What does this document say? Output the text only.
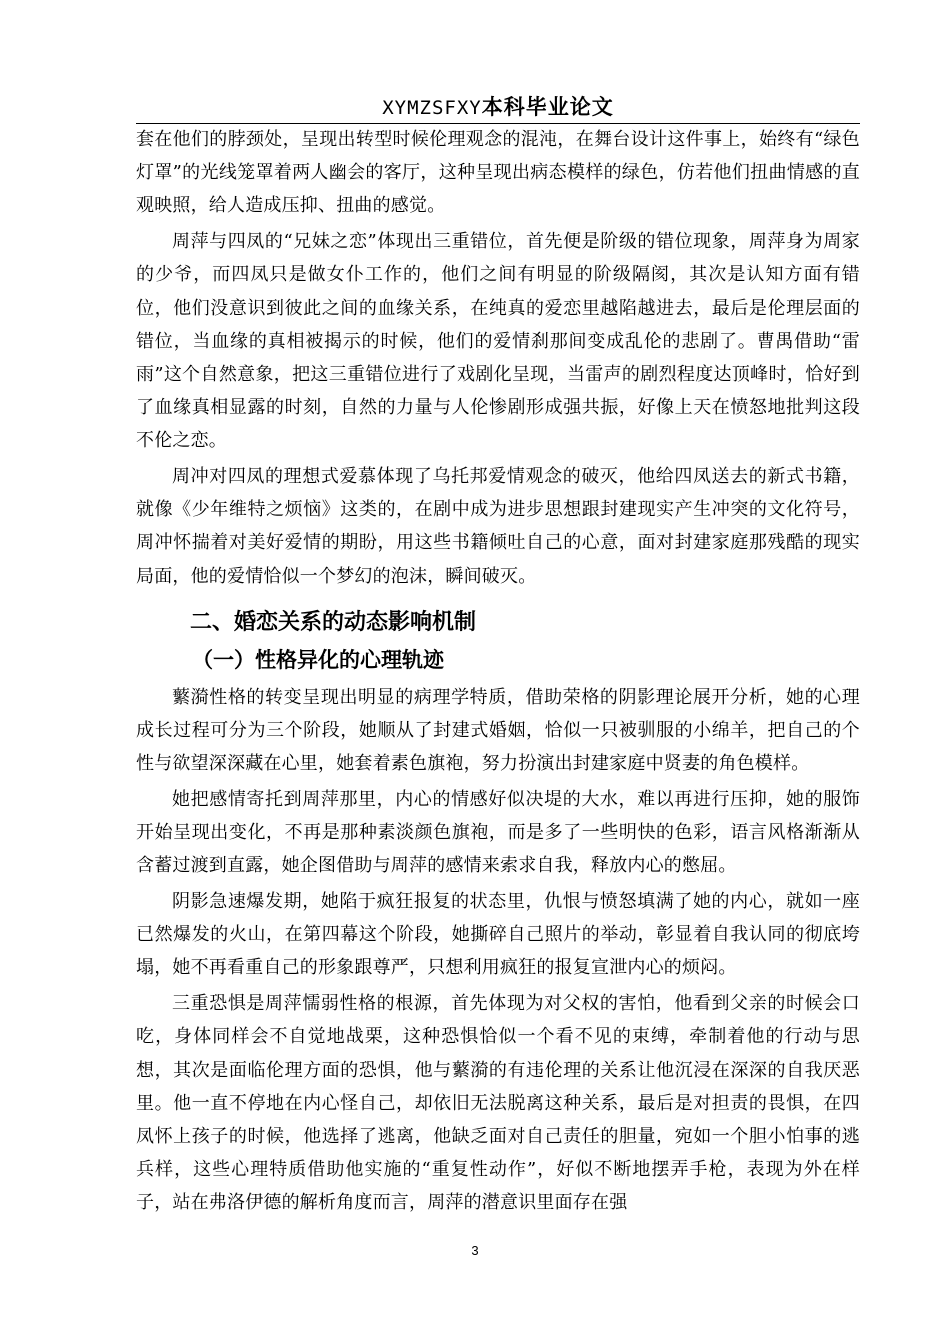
XYMZSFXY本科毕业论文

套在他们的脖颈处，呈现出转型时候伦理观念的混沌，在舞台设计这件事上，始终有“绿色灯罩”的光线笼罩着两人幽会的客厅，这种呈现出病态模样的绿色，仿若他们扭曲情感的直观映照，给人造成压抑、扭曲的感觉。

周萍与四凤的“兄妹之恋”体现出三重错位，首先便是阶级的错位现象，周萍身为周家的少爷，而四凤只是做女仆工作的，他们之间有明显的阶级隔阂，其次是认知方面有错位，他们没意识到彼此之间的血缘关系，在纯真的爱恋里越陷越进去，最后是伦理层面的错位，当血缘的真相被揭示的时候，他们的爱情刹那间变成乱伦的悲剧了。曹禺借助“雷雨”这个自然意象，把这三重错位进行了戏剧化呈现，当雷声的剧烈程度达顶峰时，恰好到了血缘真相显露的时刻，自然的力量与人伦惨剧形成强共振，好像上天在愤怒地批判这段不伦之恋。

周冲对四凤的理想式爱慕体现了乌托邦爱情观念的破灭，他给四凤送去的新式书籍，就像《少年维特之烦恼》这类的，在剧中成为进步思想跟封建现实产生冲突的文化符号，周冲怀揣着对美好爱情的期盼，用这些书籍倾吐自己的心意，面对封建家庭那残酷的现实局面，他的爱情恰似一个梦幻的泡沫，瞬间破灭。

二、婚恋关系的动态影响机制
（一）性格异化的心理轨迹

蘩漪性格的转变呈现出明显的病理学特质，借助荣格的阴影理论展开分析，她的心理成长过程可分为三个阶段，她顺从了封建式婚姻，恰似一只被驯服的小绵羊，把自己的个性与欲望深深藏在心里，她套着素色旗袍，努力扮演出封建家庭中贤妻的角色模样。

她把感情寄托到周萍那里，内心的情感好似决堤的大水，难以再进行压抑，她的服饰开始呈现出变化，不再是那种素淡颜色旗袍，而是多了一些明快的色彩，语言风格渐渐从含蓄过渡到直露，她企图借助与周萍的感情来索求自我，释放内心的憋屈。

阴影急速爆发期，她陷于疯狂报复的状态里，仇恨与愤怒填满了她的内心，就如一座已然爆发的火山，在第四幕这个阶段，她撕碎自己照片的举动，彰显着自我认同的彻底垮塌，她不再看重自己的形象跟尊严，只想利用疯狂的报复宣泄内心的烦闷。

三重恐惧是周萍懦弱性格的根源，首先体现为对父权的害怕，他看到父亲的时候会口吃，身体同样会不自觉地战栗，这种恐惧恰似一个看不见的束缚，牵制着他的行动与思想，其次是面临伦理方面的恐惧，他与蘩漪的有违伦理的关系让他沉浸在深深的自我厌恶里。他一直不停地在内心怪自己，却依旧无法脱离这种关系，最后是对担责的畏惧，在四凤怀上孩子的时候，他选择了逃离，他缺乏面对自己责任的胆量，宛如一个胆小怕事的逃兵样，这些心理特质借助他实施的“重复性动作”，好似不断地摆弄手枪，表现为外在样子，站在弗洛伊德的解析角度而言，周萍的潜意识里面存在强

3
